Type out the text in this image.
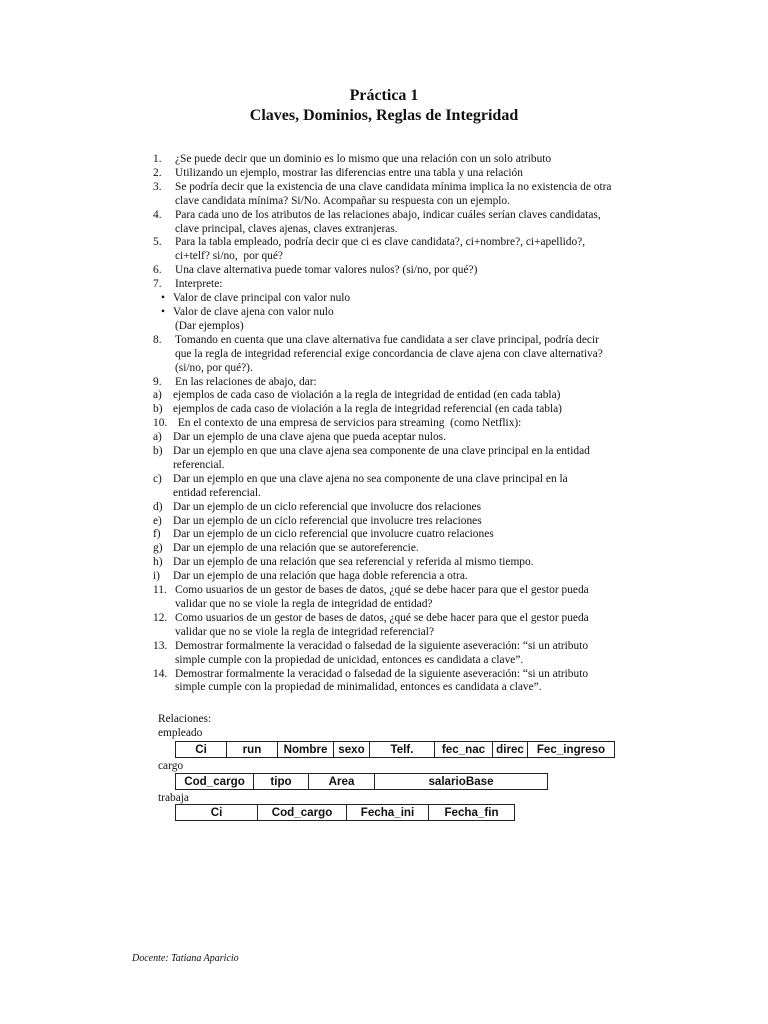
Práctica 1
Claves, Dominios, Reglas de Integridad
1.	¿Se puede decir que un dominio es lo mismo que una relación con un solo atributo
2.	Utilizando un ejemplo, mostrar las diferencias entre una tabla y una relación
3.	Se podría decir que la existencia de una clave candidata mínima implica la no existencia de otra
clave candidata mínima? Si/No. Acompañar su respuesta con un ejemplo.
4.	Para cada uno de los atributos de las relaciones abajo, indicar cuáles serían claves candidatas,
clave principal, claves ajenas, claves extranjeras.
5.	Para la tabla empleado, podría decir que ci es clave candidata?, ci+nombre?, ci+apellido?,
ci+telf? si/no,  por qué?
6.	Una clave alternativa puede tomar valores nulos? (si/no, por qué?)
7.	Interprete:
• Valor de clave principal con valor nulo
• Valor de clave ajena con valor nulo
(Dar ejemplos)
8.	Tomando en cuenta que una clave alternativa fue candidata a ser clave principal, podría decir
que la regla de integridad referencial exige concordancia de clave ajena con clave alternativa?
(si/no, por qué?).
9.	En las relaciones de abajo, dar:
a) ejemplos de cada caso de violación a la regla de integridad de entidad (en cada tabla)
b) ejemplos de cada caso de violación a la regla de integridad referencial (en cada tabla)
10. En el contexto de una empresa de servicios para streaming  (como Netflix):
a) Dar un ejemplo de una clave ajena que pueda aceptar nulos.
b) Dar un ejemplo en que una clave ajena sea componente de una clave principal en la entidad
referencial.
c) Dar un ejemplo en que una clave ajena no sea componente de una clave principal en la
entidad referencial.
d) Dar un ejemplo de un ciclo referencial que involucre dos relaciones
e) Dar un ejemplo de un ciclo referencial que involucre tres relaciones
f)	Dar un ejemplo de un ciclo referencial que involucre cuatro relaciones
g) Dar un ejemplo de una relación que se autoreferencie.
h) Dar un ejemplo de una relación que sea referencial y referida al mismo tiempo.
i)	Dar un ejemplo de una relación que haga doble referencia a otra.
11. Como usuarios de un gestor de bases de datos, ¿qué se debe hacer para que el gestor pueda
validar que no se viole la regla de integridad de entidad?
12. Como usuarios de un gestor de bases de datos, ¿qué se debe hacer para que el gestor pueda
validar que no se viole la regla de integridad referencial?
13. Demostrar formalmente la veracidad o falsedad de la siguiente aseveración: “si un atributo
simple cumple con la propiedad de unicidad, entonces es candidata a clave”.
14. Demostrar formalmente la veracidad o falsedad de la siguiente aseveración: “si un atributo
simple cumple con la propiedad de minimalidad, entonces es candidata a clave”.
Relaciones:
empleado
Ci	run	Nombre	sexo	Telf.	fec_nac	direc	Fec_ingreso
cargo
Cod_cargo	tipo	Area	salarioBase
trabaja
Ci	Cod_cargo	Fecha_ini	Fecha_fin
Docente: Tatiana Aparicio
